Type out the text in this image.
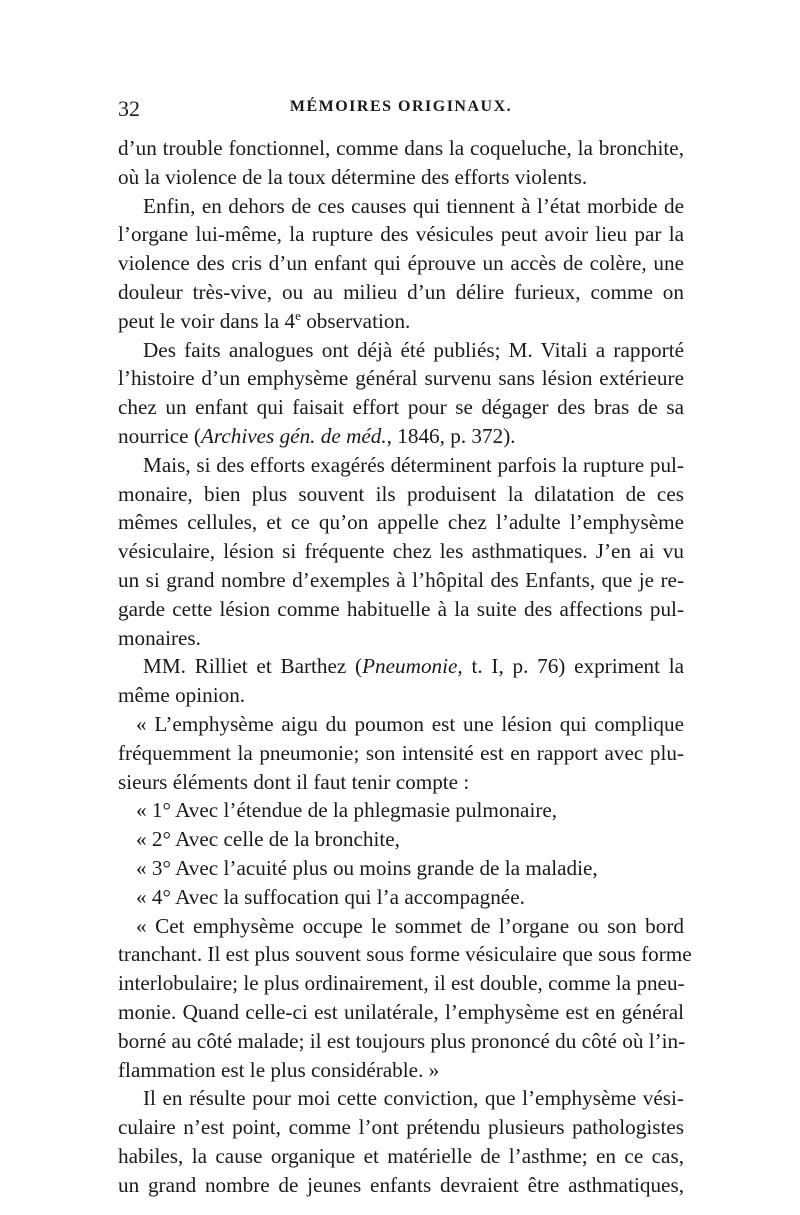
32	MÉMOIRES ORIGINAUX.
d’un trouble fonctionnel, comme dans la coqueluche, la bronchite,
où la violence de la toux détermine des efforts violents.
Enfin, en dehors de ces causes qui tiennent à l’état morbide de
l’organe lui-même, la rupture des vésicules peut avoir lieu par la
violence des cris d’un enfant qui éprouve un accès de colère, une
douleur très-vive, ou au milieu d’un délire furieux, comme on
peut le voir dans la 4e observation.
Des faits analogues ont déjà été publiés; M. Vitali a rapporté
l’histoire d’un emphysème général survenu sans lésion extérieure
chez un enfant qui faisait effort pour se dégager des bras de sa
nourrice (Archives gén. de méd., 1846, p. 372).
Mais, si des efforts exagérés déterminent parfois la rupture pul-
monaire, bien plus souvent ils produisent la dilatation de ces
mêmes cellules, et ce qu’on appelle chez l’adulte l’emphysème
vésiculaire, lésion si fréquente chez les asthmatiques. J’en ai vu
un si grand nombre d’exemples à l’hôpital des Enfants, que je re-
garde cette lésion comme habituelle à la suite des affections pul-
monaires.
MM. Rilliet et Barthez (Pneumonie, t. I, p. 76) expriment la
même opinion.
« L’emphysème aigu du poumon est une lésion qui complique
fréquemment la pneumonie; son intensité est en rapport avec plu-
sieurs éléments dont il faut tenir compte :
« 1° Avec l’étendue de la phlegmasie pulmonaire,
« 2° Avec celle de la bronchite,
« 3° Avec l’acuité plus ou moins grande de la maladie,
« 4° Avec la suffocation qui l’a accompagnée.
« Cet emphysème occupe le sommet de l’organe ou son bord
tranchant. Il est plus souvent sous forme vésiculaire que sous forme
interlobulaire; le plus ordinairement, il est double, comme la pneu-
monie. Quand celle-ci est unilatérale, l’emphysème est en général
borné au côté malade; il est toujours plus prononcé du côté où l’in-
flammation est le plus considérable. »
Il en résulte pour moi cette conviction, que l’emphysème vési-
culaire n’est point, comme l’ont prétendu plusieurs pathologistes
habiles, la cause organique et matérielle de l’asthme; en ce cas,
un grand nombre de jeunes enfants devraient être asthmatiques,
